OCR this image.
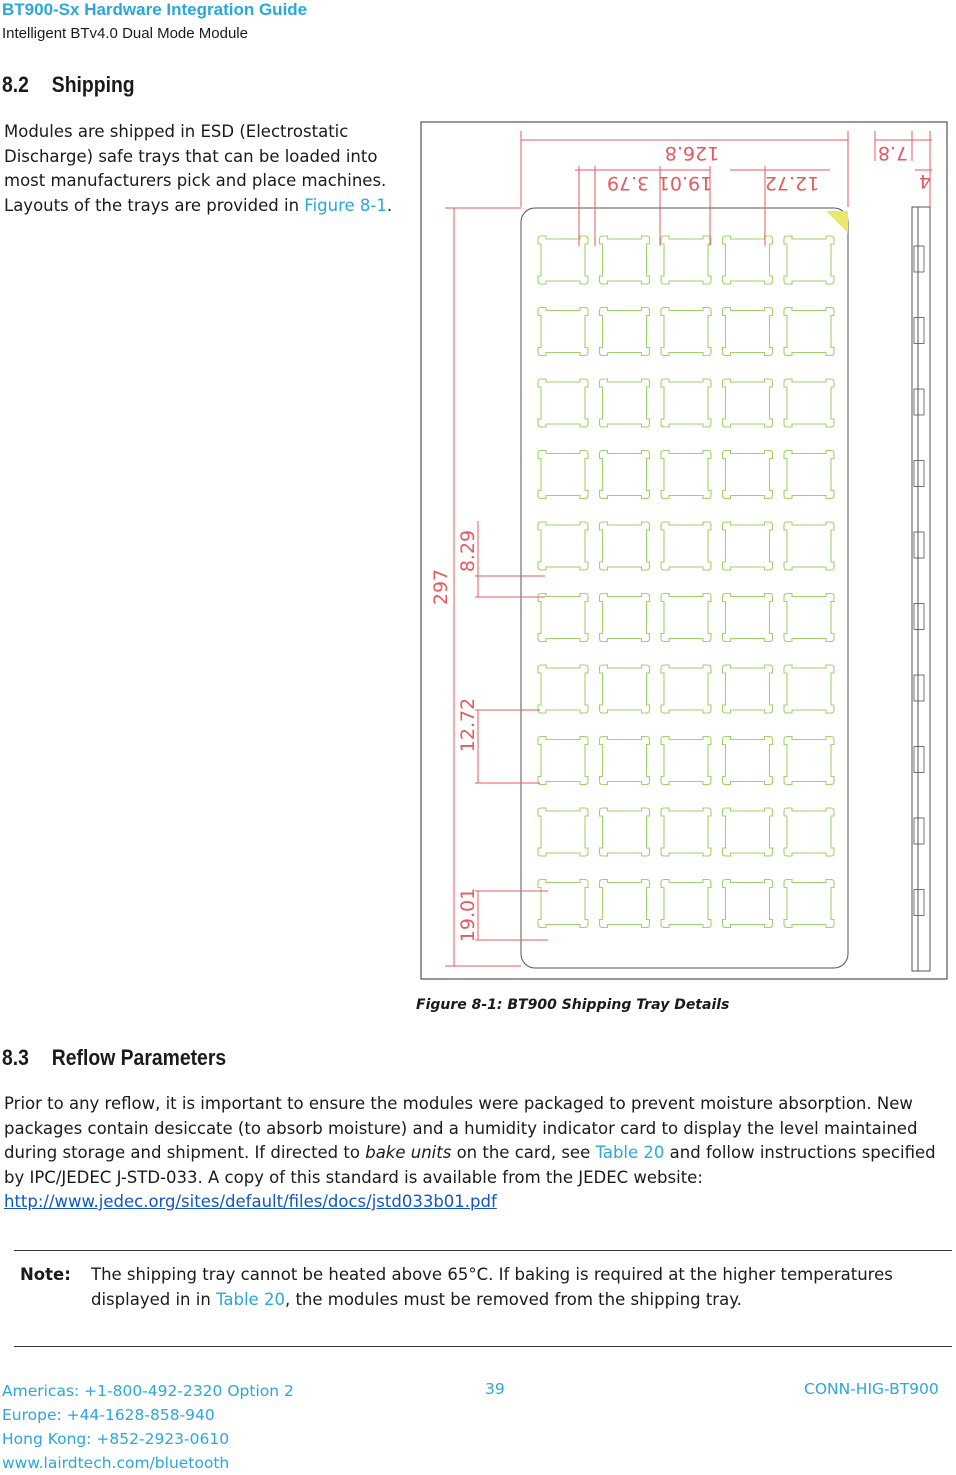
BT900-Sx Hardware Integration Guide
Intelligent BTv4.0 Dual Mode Module
8.2 Shipping
Modules are shipped in ESD (Electrostatic Discharge) safe trays that can be loaded into most manufacturers pick and place machines. Layouts of the trays are provided in Figure 8-1.
126.8	7.8
4
3.79 19.01	12.72
297
8.29
12.72
19.01
Figure 8-1: BT900 Shipping Tray Details
8.3 Reflow Parameters
Prior to any reflow, it is important to ensure the modules were packaged to prevent moisture absorption. New packages contain desiccate (to absorb moisture) and a humidity indicator card to display the level maintained during storage and shipment. If directed to bake units on the card, see Table 20 and follow instructions specified by IPC/JEDEC J-STD-033. A copy of this standard is available from the JEDEC website:
http://www.jedec.org/sites/default/files/docs/jstd033b01.pdf
Note: The shipping tray cannot be heated above 65°C. If baking is required at the higher temperatures displayed in in Table 20, the modules must be removed from the shipping tray.
Americas: +1-800-492-2320 Option 2
Europe: +44-1628-858-940
Hong Kong: +852-2923-0610
www.lairdtech.com/bluetooth
39	CONN-HIG-BT900
